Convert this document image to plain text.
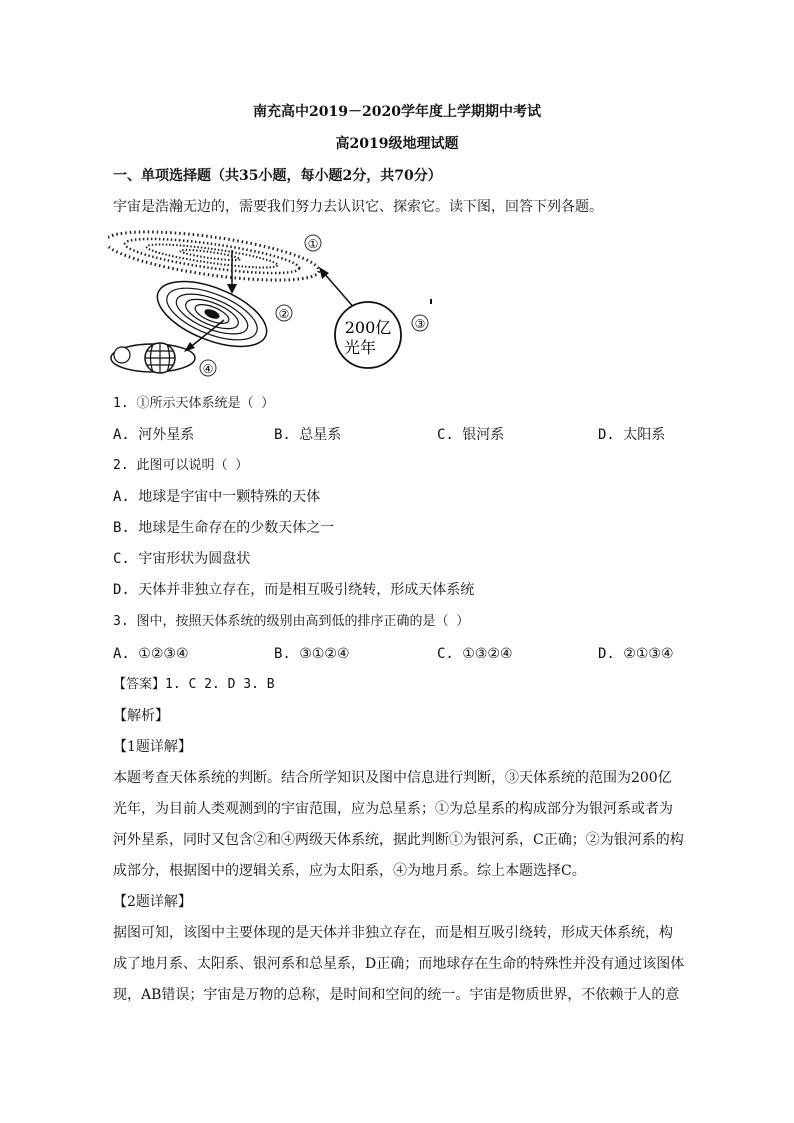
南充高中2019－2020学年度上学期期中考试
高2019级地理试题
一、单项选择题（共35小题，每小题2分，共70分）
宇宙是浩瀚无边的，需要我们努力去认识它、探索它。读下图，回答下列各题。
①
②
④
200亿
光年
③
1. ①所示天体系统是（ ）
A. 河外星系	B. 总星系	C. 银河系	D. 太阳系
2. 此图可以说明（ ）
A. 地球是宇宙中一颗特殊的天体
B. 地球是生命存在的少数天体之一
C. 宇宙形状为圆盘状
D. 天体并非独立存在，而是相互吸引绕转，形成天体系统
3. 图中，按照天体系统的级别由高到低的排序正确的是（ ）
A. ①②③④	B. ③①②④	C. ①③②④	D. ②①③④
【答案】1. C 2. D 3. B
【解析】
【1题详解】
本题考查天体系统的判断。结合所学知识及图中信息进行判断，③天体系统的范围为200亿
光年，为目前人类观测到的宇宙范围，应为总星系；①为总星系的构成部分为银河系或者为
河外星系，同时又包含②和④两级天体系统，据此判断①为银河系，C正确；②为银河系的构
成部分，根据图中的逻辑关系，应为太阳系，④为地月系。综上本题选择C。
【2题详解】
据图可知，该图中主要体现的是天体并非独立存在，而是相互吸引绕转，形成天体系统，构
成了地月系、太阳系、银河系和总星系，D正确；而地球存在生命的特殊性并没有通过该图体
现，AB错误；宇宙是万物的总称，是时间和空间的统一。宇宙是物质世界，不依赖于人的意
